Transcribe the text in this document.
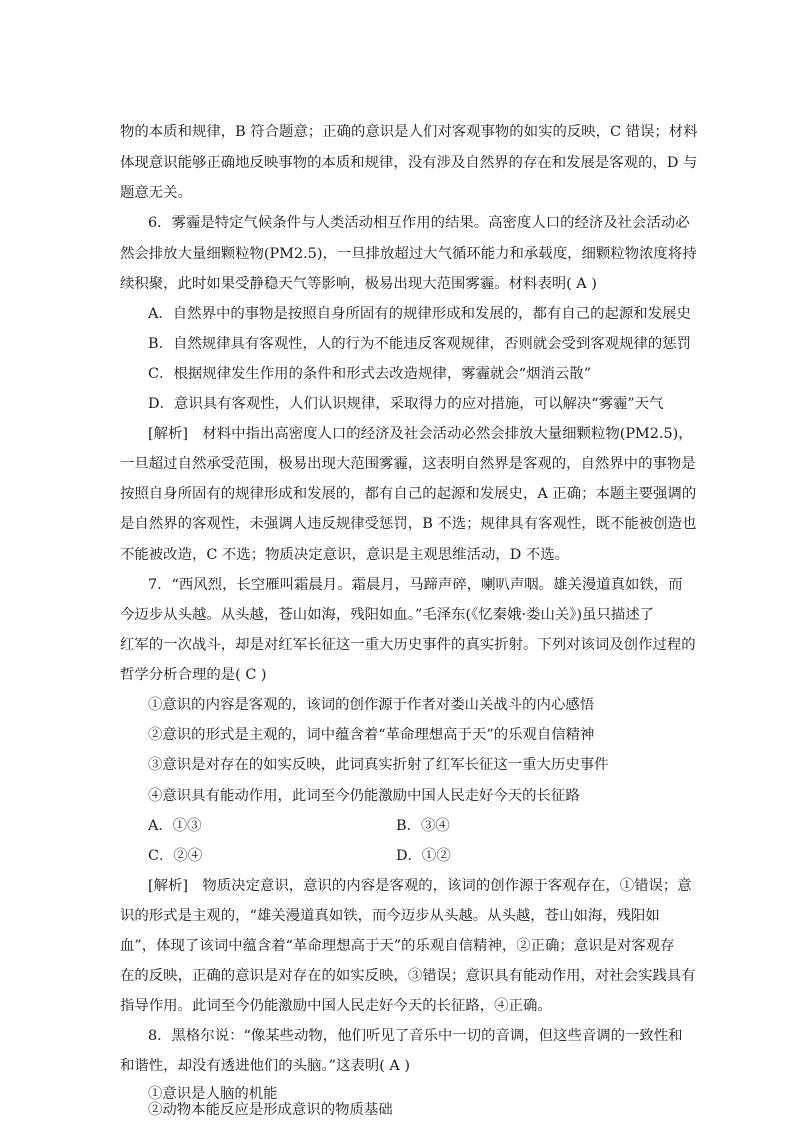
物的本质和规律，B 符合题意；正确的意识是人们对客观事物的如实的反映，C 错误；材料
体现意识能够正确地反映事物的本质和规律，没有涉及自然界的存在和发展是客观的，D 与
题意无关。
6．雾霾是特定气候条件与人类活动相互作用的结果。高密度人口的经济及社会活动必
然会排放大量细颗粒物(PM2.5)，一旦排放超过大气循环能力和承载度，细颗粒物浓度将持
续积聚，此时如果受静稳天气等影响，极易出现大范围雾霾。材料表明( A )
A．自然界中的事物是按照自身所固有的规律形成和发展的，都有自己的起源和发展史
B．自然规律具有客观性，人的行为不能违反客观规律，否则就会受到客观规律的惩罚
C．根据规律发生作用的条件和形式去改造规律，雾霾就会“烟消云散”
D．意识具有客观性，人们认识规律，采取得力的应对措施，可以解决“雾霾”天气
[解析]　材料中指出高密度人口的经济及社会活动必然会排放大量细颗粒物(PM2.5)，
一旦超过自然承受范围，极易出现大范围雾霾，这表明自然界是客观的，自然界中的事物是
按照自身所固有的规律形成和发展的，都有自己的起源和发展史，A 正确；本题主要强调的
是自然界的客观性，未强调人违反规律受惩罚，B 不选；规律具有客观性，既不能被创造也
不能被改造，C 不选；物质决定意识，意识是主观思维活动，D 不选。
7．“西风烈，长空雁叫霜晨月。霜晨月，马蹄声碎，喇叭声咽。雄关漫道真如铁，而
今迈步从头越。从头越，苍山如海，残阳如血。”毛泽东(《忆秦娥·娄山关》)虽只描述了
红军的一次战斗，却是对红军长征这一重大历史事件的真实折射。下列对该词及创作过程的
哲学分析合理的是( C )
①意识的内容是客观的，该词的创作源于作者对娄山关战斗的内心感悟
②意识的形式是主观的，词中蕴含着“革命理想高于天”的乐观自信精神
③意识是对存在的如实反映，此词真实折射了红军长征这一重大历史事件
④意识具有能动作用，此词至今仍能激励中国人民走好今天的长征路
A．①③	B．③④
C．②④	D．①②
[解析]　物质决定意识，意识的内容是客观的，该词的创作源于客观存在，①错误；意
识的形式是主观的，“雄关漫道真如铁，而今迈步从头越。从头越，苍山如海，残阳如
血”，体现了该词中蕴含着“革命理想高于天”的乐观自信精神，②正确；意识是对客观存
在的反映，正确的意识是对存在的如实反映，③错误；意识具有能动作用，对社会实践具有
指导作用。此词至今仍能激励中国人民走好今天的长征路，④正确。
8．黑格尔说：“像某些动物，他们听见了音乐中一切的音调，但这些音调的一致性和
和谐性，却没有透进他们的头脑。”这表明( A )
①意识是人脑的机能
②动物本能反应是形成意识的物质基础
